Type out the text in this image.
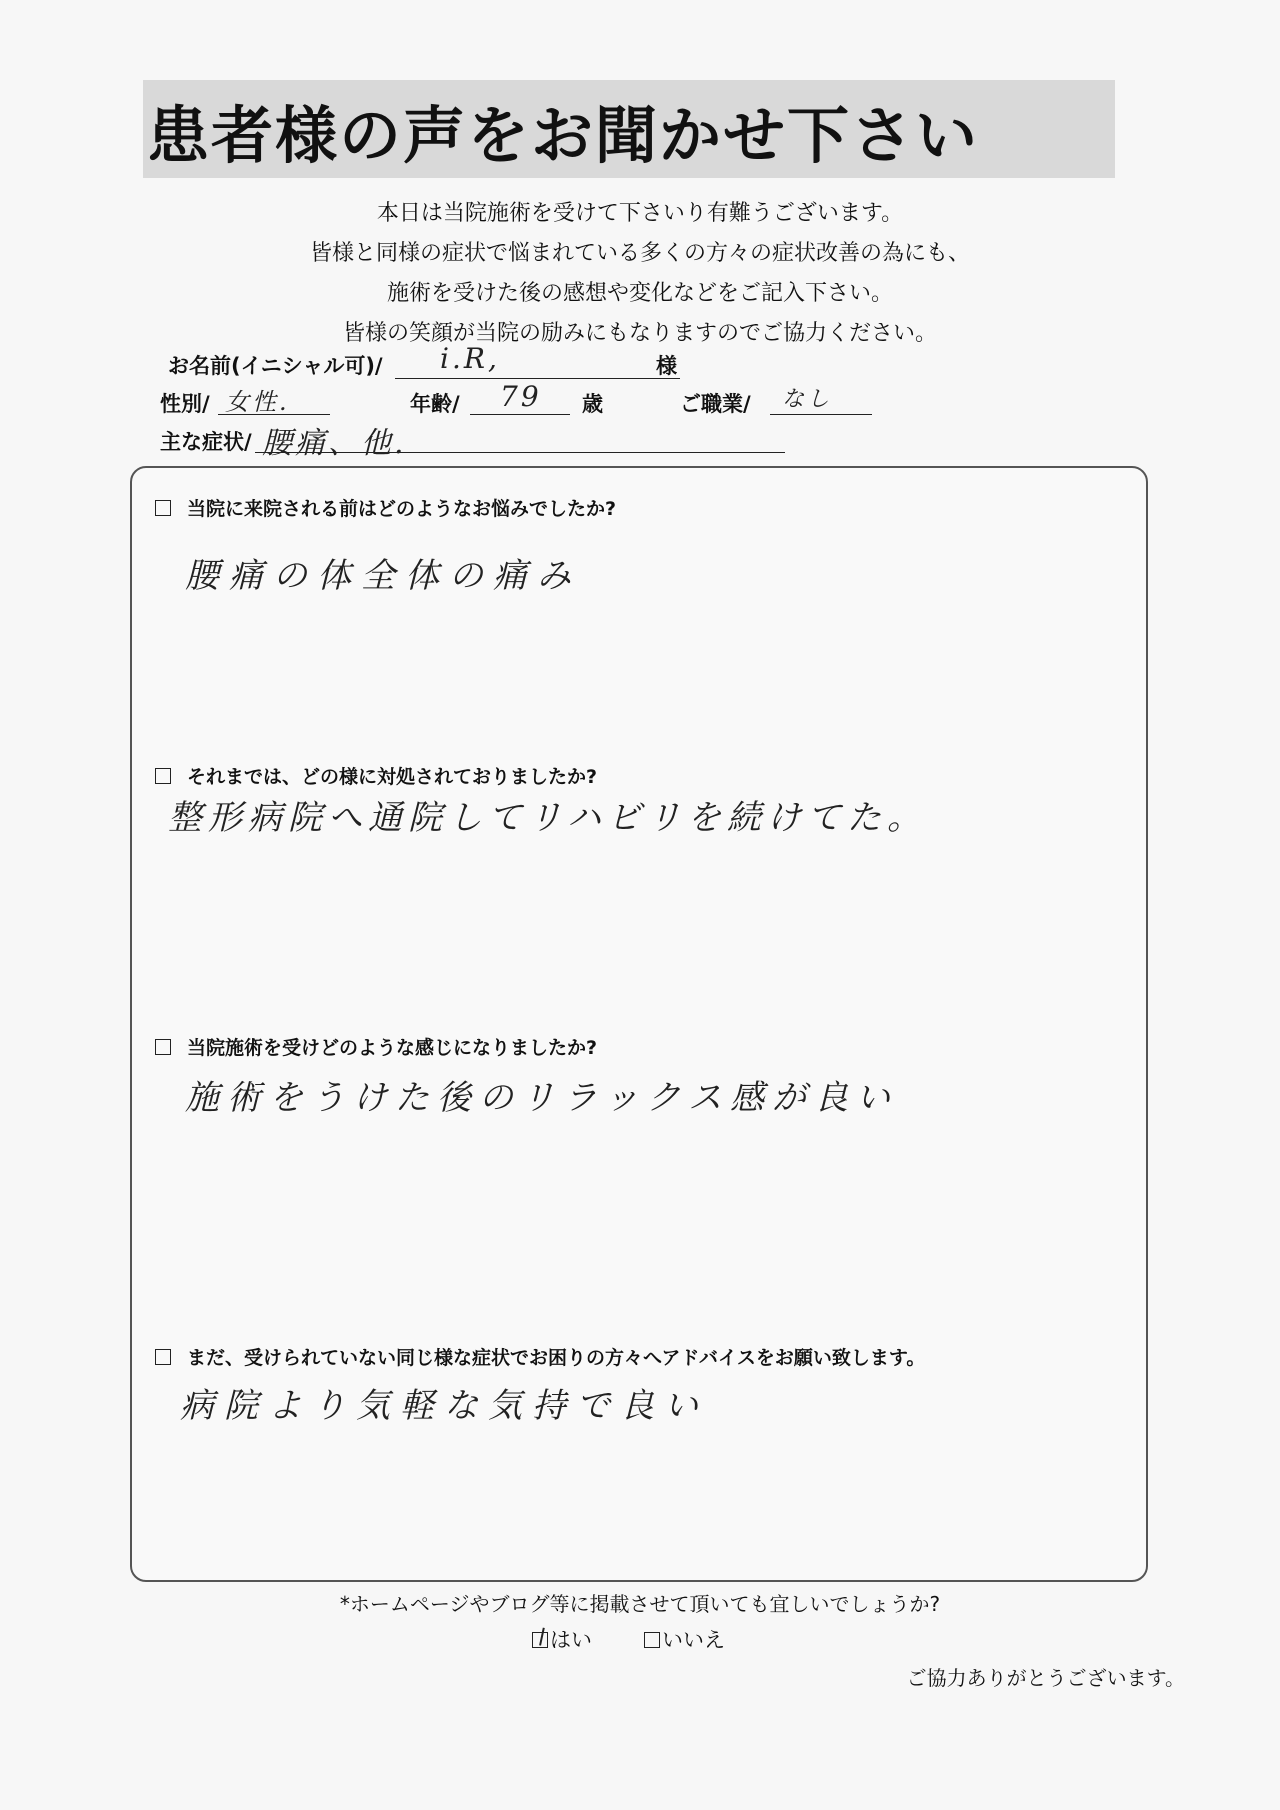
患者様の声をお聞かせ下さい
本日は当院施術を受けて下さいり有難うございます。
皆様と同様の症状で悩まれている多くの方々の症状改善の為にも、
施術を受けた後の感想や変化などをご記入下さい。
皆様の笑顔が当院の励みにもなりますのでご協力ください。
お名前(イニシャル可)/ i.R,	様
性別/ 女性.	年齢/ 79 歳	ご職業/ なし
主な症状/ 腰痛、他.
当院に来院される前はどのようなお悩みでしたか?
腰痛の体全体の痛み
それまでは、どの様に対処されておりましたか?
整形病院へ通院してリハビリを続けてた。
当院施術を受けどのような感じになりましたか?
施術をうけた後のリラックス感が良い
まだ、受けられていない同じ様な症状でお困りの方々へアドバイスをお願い致します。
病院より気軽な気持で良い
*ホームページやブログ等に掲載させて頂いても宜しいでしょうか?
はい	いいえ
ご協力ありがとうございます。
